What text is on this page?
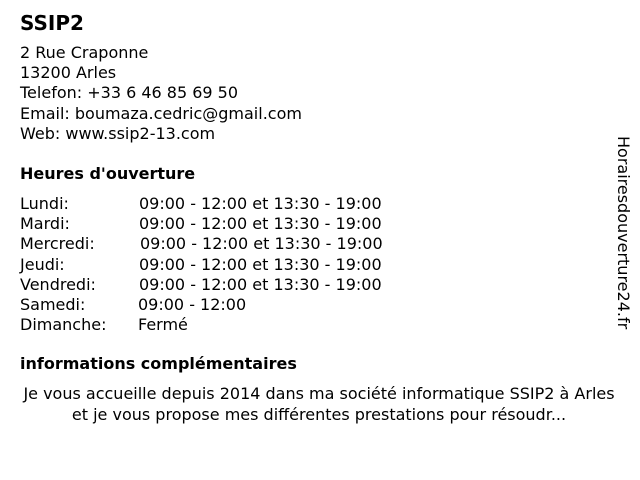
SSIP2
2 Rue Craponne
13200 Arles
Telefon: +33 6 46 85 69 50
Email: boumaza.cedric@gmail.com
Web: www.ssip2-13.com
Heures d'ouverture
Lundi:	09:00 - 12:00 et 13:30 - 19:00
Mardi:	09:00 - 12:00 et 13:30 - 19:00
Mercredi:	09:00 - 12:00 et 13:30 - 19:00
Jeudi:	09:00 - 12:00 et 13:30 - 19:00
Vendredi:	09:00 - 12:00 et 13:30 - 19:00
Samedi:	09:00 - 12:00
Dimanche: Fermé
informations complémentaires
Je vous accueille depuis 2014 dans ma société informatique SSIP2 à Arles et je vous propose mes différentes prestations pour résoudr...
Horairesdouverture24.fr
